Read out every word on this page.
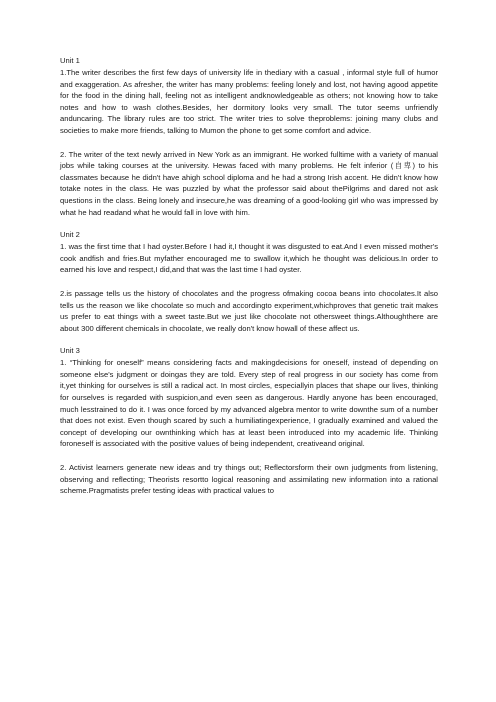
Unit 1

1.The writer describes the first few days of university life in thediary with a casual , informal style full of humor and exaggeration. As afresher, the writer has many problems: feeling lonely and lost, not having agood appetite for the food in the dining hall, feeling not as intelligent andknowledgeable as others; not knowing how to take notes and how to wash clothes.Besides, her dormitory looks very small. The tutor seems unfriendly anduncaring. The library rules are too strict. The writer tries to solve theproblems: joining many clubs and societies to make more friends, talking to Mumon the phone to get some comfort and advice.

2. The writer of the text newly arrived in New York as an immigrant. He worked fulltime with a variety of manual jobs while taking courses at the university. Hewas faced with many problems. He felt inferior (自卑) to his classmates because he didn't have ahigh school diploma and he had a strong Irish accent. He didn't know how totake notes in the class. He was puzzled by what the professor said about thePilgrims and dared not ask questions in the class. Being lonely and insecure,he was dreaming of a good-looking girl who was impressed by what he had readand what he would fall in love with him.

Unit 2

1. was the first time that I had oyster.Before I had it,I thought it was disgusted to eat.And I even missed mother's cook andfish and fries.But myfather encouraged me to swallow it,which he thought was delicious.In order to earned his love and respect,I did,and that was the last time I had oyster.

2.is passage tells us the history of chocolates and the progress ofmaking cocoa beans into chocolates.It also tells us the reason we like chocolate so much and accordingto experiment,whichproves that genetic trait makes us prefer to eat things with a sweet taste.But we just like chocolate not othersweet things.Althoughthere are about 300 different chemicals in chocolate, we really don't know howall of these affect us.

Unit 3

1. “Thinking for oneself” means considering facts and makingdecisions for oneself, instead of depending on someone else's judgment or doingas they are told. Every step of real progress in our society has come from it,yet thinking for ourselves is still a radical act. In most circles, especiallyin places that shape our lives, thinking for ourselves is regarded with suspicion,and even seen as dangerous. Hardly anyone has been encouraged, much lesstrained to do it. I was once forced by my advanced algebra mentor to write downthe sum of a number that does not exist. Even though scared by such a humiliatingexperience, I gradually examined and valued the concept of developing our ownthinking which has at least been introduced into my academic life. Thinking foroneself is associated with the positive values of being independent, creativeand original.

2. Activist learners generate new ideas and try things out; Reflectorsform their own judgments from listening, observing and reflecting; Theorists resortto logical reasoning and assimilating new information into a rational scheme.Pragmatists prefer testing ideas with practical values to
